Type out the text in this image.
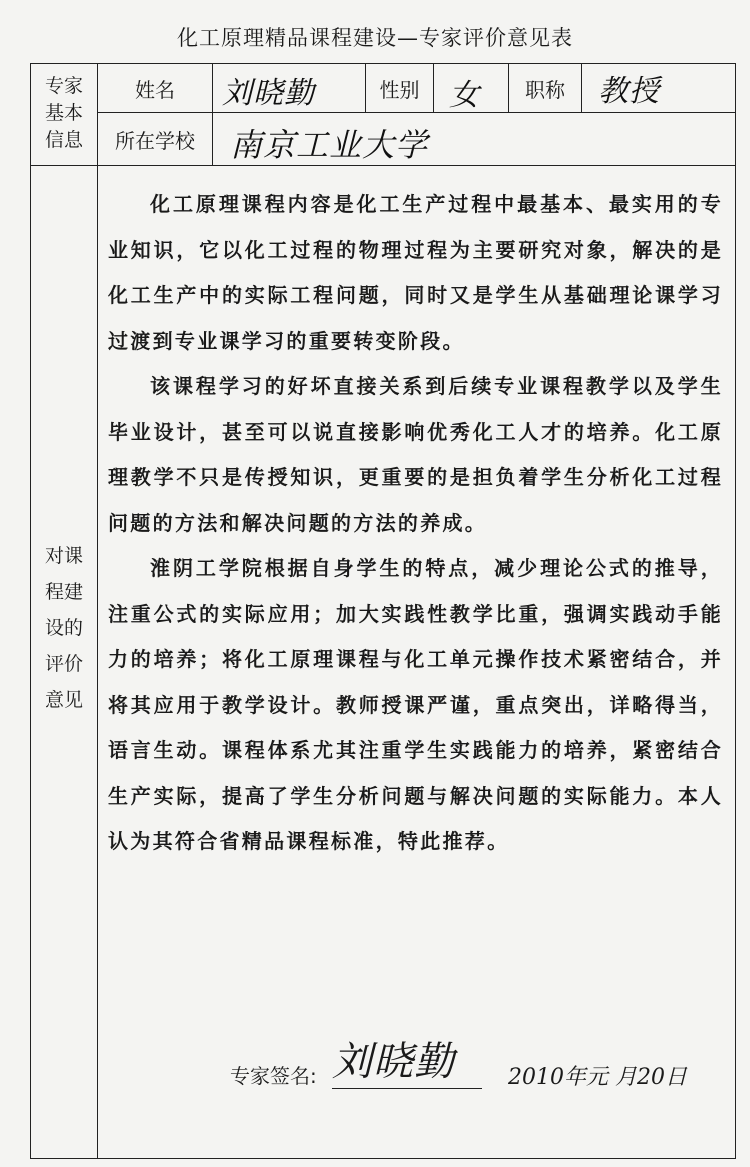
化工原理精品课程建设—专家评价意见表
专家
基本
信息
姓名	刘晓勤	性别 女	职称	教授
所在学校	南京工业大学
对课
程建
设的
评价
意见

化工原理课程内容是化工生产过程中最基本、最实用的专业知识，它以化工过程的物理过程为主要研究对象，解决的是化工生产中的实际工程问题，同时又是学生从基础理论课学习过渡到专业课学习的重要转变阶段。

该课程学习的好坏直接关系到后续专业课程教学以及学生毕业设计，甚至可以说直接影响优秀化工人才的培养。化工原理教学不只是传授知识，更重要的是担负着学生分析化工过程问题的方法和解决问题的方法的养成。

淮阴工学院根据自身学生的特点，减少理论公式的推导，注重公式的实际应用；加大实践性教学比重，强调实践动手能力的培养；将化工原理课程与化工单元操作技术紧密结合，并将其应用于教学设计。教师授课严谨，重点突出，详略得当，语言生动。课程体系尤其注重学生实践能力的培养，紧密结合生产实际，提高了学生分析问题与解决问题的实际能力。本人认为其符合省精品课程标准，特此推荐。

专家签名: 刘晓勤 2010年元 月20日
